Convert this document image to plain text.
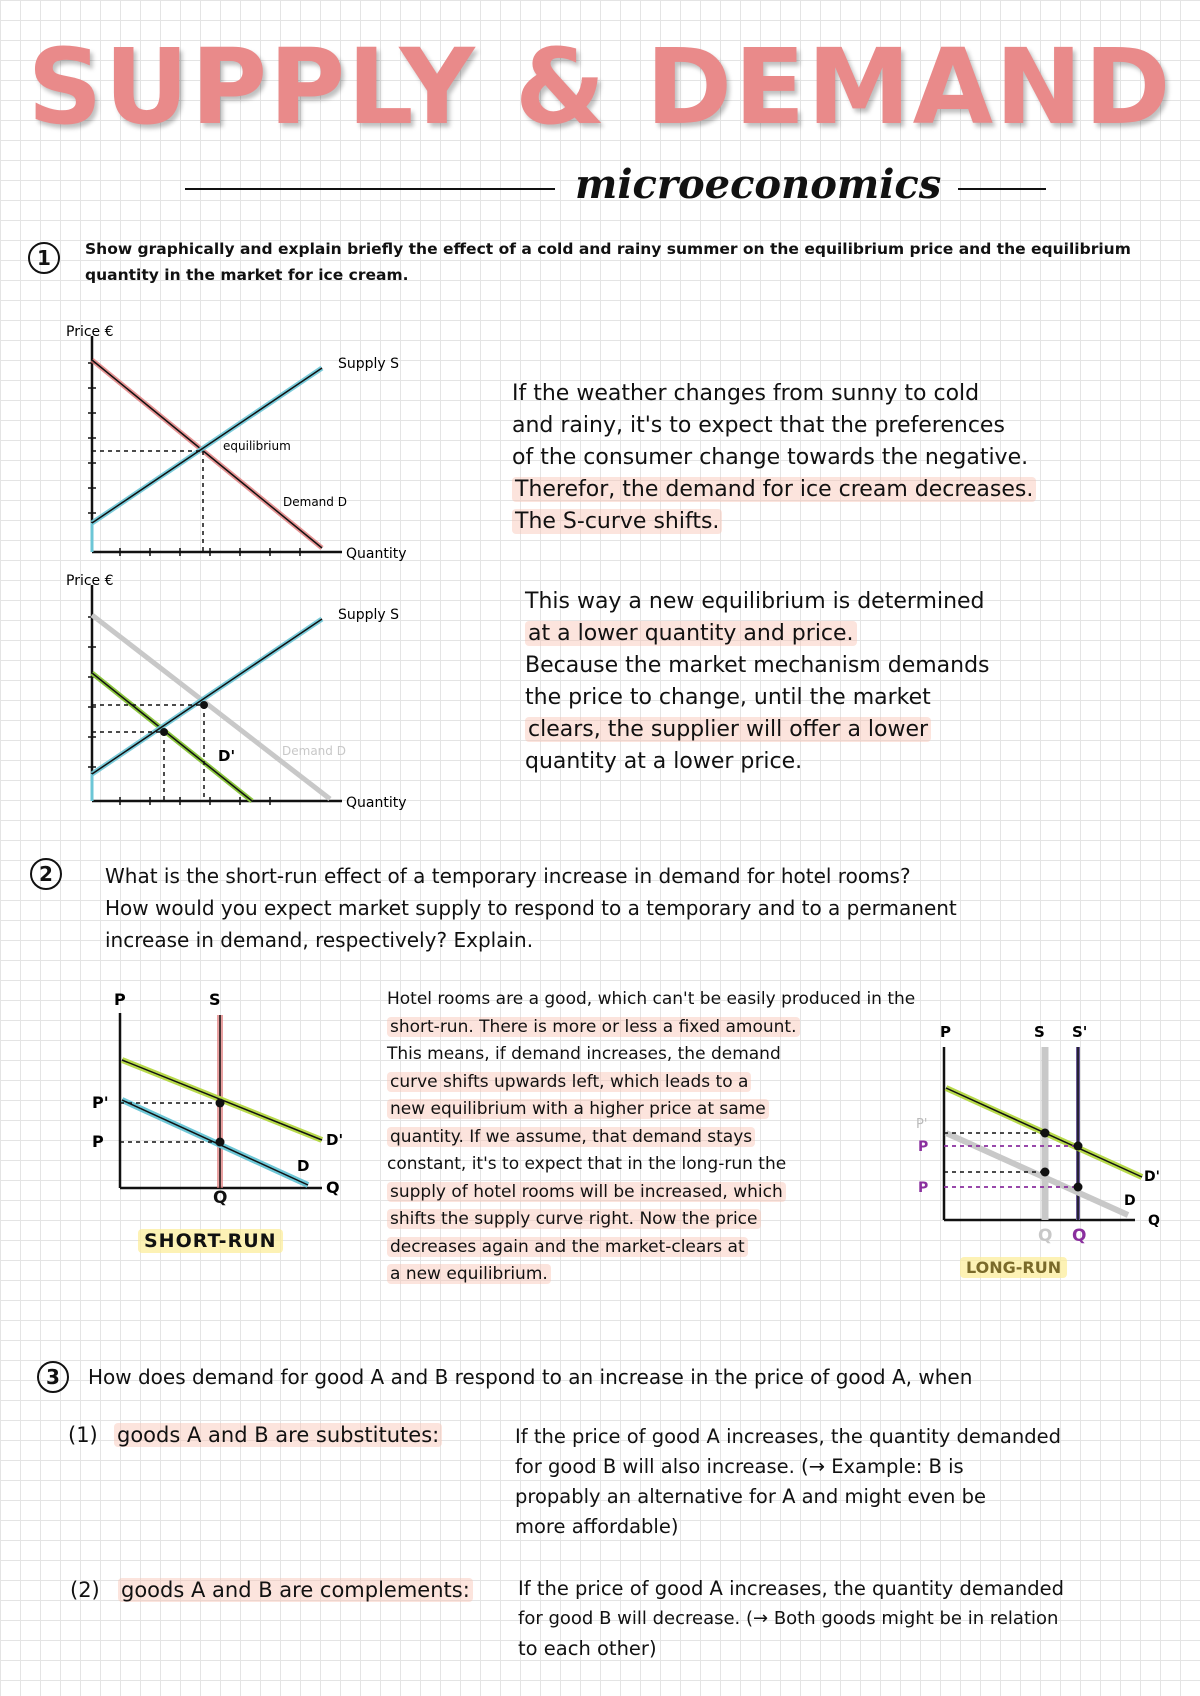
SUPPLY & DEMAND
microeconomics
1	Show graphically and explain briefly the effect of a cold and rainy summer on the equilibrium price and the equilibrium
quantity in the market for ice cream.
Price €
Supply S
equilibrium
Demand D
Quantity
Price €
Supply S
D'	Demand D
Quantity

If the weather changes from sunny to cold

and rainy, it's to expect that the preferences

of the consumer change towards the negative.

Therefor, the demand for ice cream decreases.

The S-curve shifts.

This way a new equilibrium is determined

at a lower quantity and price.

Because the market mechanism demands

the price to change, until the market

clears, the supplier will offer a lower

quantity at a lower price.

2	What is the short-run effect of a temporary increase in demand for hotel rooms?
How would you expect market supply to respond to a temporary and to a permanent
increase in demand, respectively? Explain.
P	S
P'
P	D'
D
Q
Q
SHORT-RUN

Hotel rooms are a good, which can't be easily produced in the

short-run. There is more or less a fixed amount.

This means, if demand increases, the demand

curve shifts upwards left, which leads to a

new equilibrium with a higher price at same

quantity. If we assume, that demand stays

constant, it's to expect that in the long-run the

supply of hotel rooms will be increased, which

shifts the supply curve right. Now the price

decreases again and the market-clears at

a new equilibrium.

P	S S'
P'
P
P
D'
D
Q
Q Q
LONG-RUN
3	How does demand for good A and B respond to an increase in the price of good A, when
(1) goods A and B are substitutes:	If the price of good A increases, the quantity demanded

for good B will also increase. (→ Example: B is

propably an alternative for A and might even be

more affordable)

(2) goods A and B are complements: If the price of good A increases, the quantity demanded

for good B will decrease. (→ Both goods might be in relation

to each other)
